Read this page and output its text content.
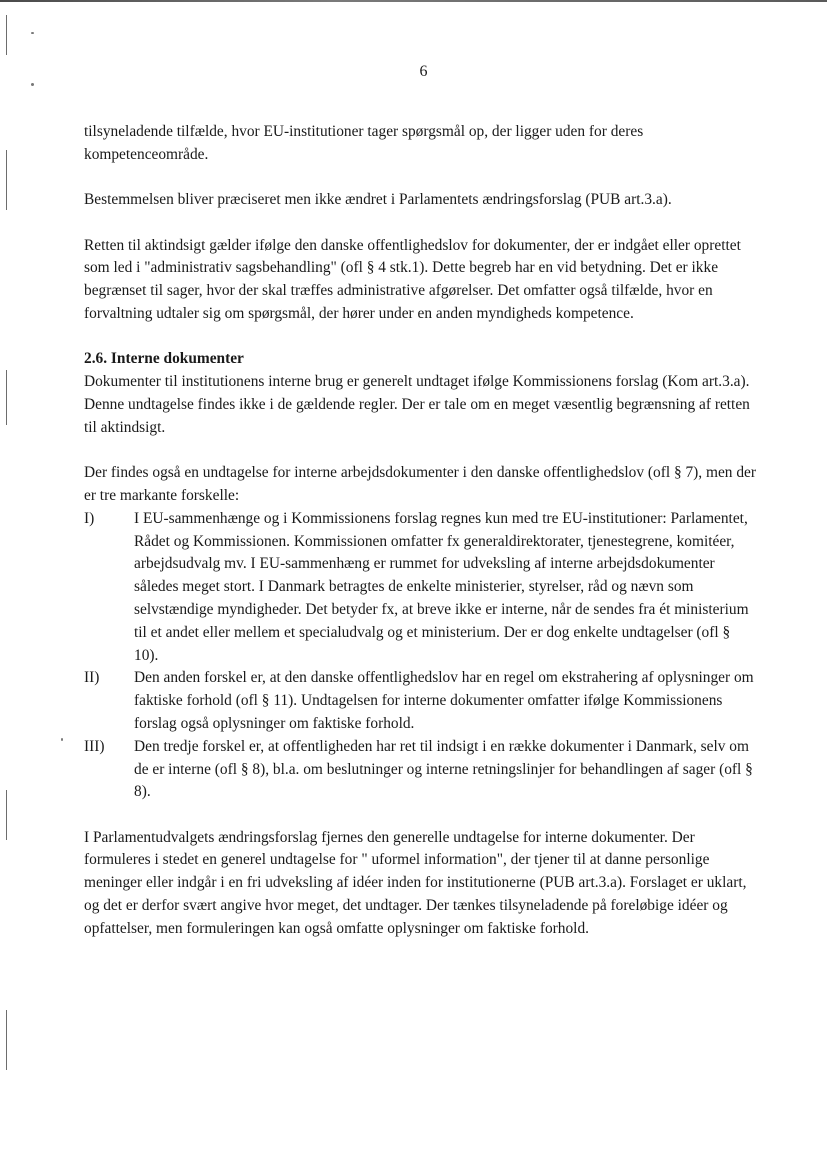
6

tilsyneladende tilfælde, hvor EU-institutioner tager spørgsmål op, der ligger uden for deres kompetenceområde.

Bestemmelsen bliver præciseret men ikke ændret i Parlamentets ændringsforslag (PUB art.3.a).

Retten til aktindsigt gælder ifølge den danske offentlighedslov for dokumenter, der er indgået eller oprettet som led i "administrativ sagsbehandling" (ofl § 4 stk.1). Dette begreb har en vid betydning. Det er ikke begrænset til sager, hvor der skal træffes administrative afgørelser. Det omfatter også tilfælde, hvor en forvaltning udtaler sig om spørgsmål, der hører under en anden myndigheds kompetence.

2.6. Interne dokumenter

Dokumenter til institutionens interne brug er generelt undtaget ifølge Kommissionens forslag (Kom art.3.a). Denne undtagelse findes ikke i de gældende regler. Der er tale om en meget væsentlig begrænsning af retten til aktindsigt.

Der findes også en undtagelse for interne arbejdsdokumenter i den danske offentlighedslov (ofl § 7), men der er tre markante forskelle:

I)	I EU-sammenhænge og i Kommissionens forslag regnes kun med tre EU-institutioner: Parlamentet, Rådet og Kommissionen. Kommissionen omfatter fx generaldirektorater, tjenestegrene, komitéer, arbejdsudvalg mv. I EU-sammenhæng er rummet for udveksling af interne arbejdsdokumenter således meget stort. I Danmark betragtes de enkelte ministerier, styrelser, råd og nævn som selvstændige myndigheder. Det betyder fx, at breve ikke er interne, når de sendes fra ét ministerium til et andet eller mellem et specialudvalg og et ministerium. Der er dog enkelte undtagelser (ofl § 10).
II)	Den anden forskel er, at den danske offentlighedslov har en regel om ekstrahering af oplysninger om faktiske forhold (ofl § 11). Undtagelsen for interne dokumenter omfatter ifølge Kommissionens forslag også oplysninger om faktiske forhold.
III)	Den tredje forskel er, at offentligheden har ret til indsigt i en række dokumenter i Danmark, selv om de er interne (ofl § 8), bl.a. om beslutninger og interne retningslinjer for behandlingen af sager (ofl § 8).

I Parlamentudvalgets ændringsforslag fjernes den generelle undtagelse for interne dokumenter. Der formuleres i stedet en generel undtagelse for " uformel information", der tjener til at danne personlige meninger eller indgår i en fri udveksling af idéer inden for institutionerne (PUB art.3.a). Forslaget er uklart, og det er derfor svært angive hvor meget, det undtager. Der tænkes tilsyneladende på foreløbige idéer og opfattelser, men formuleringen kan også omfatte oplysninger om faktiske forhold.
